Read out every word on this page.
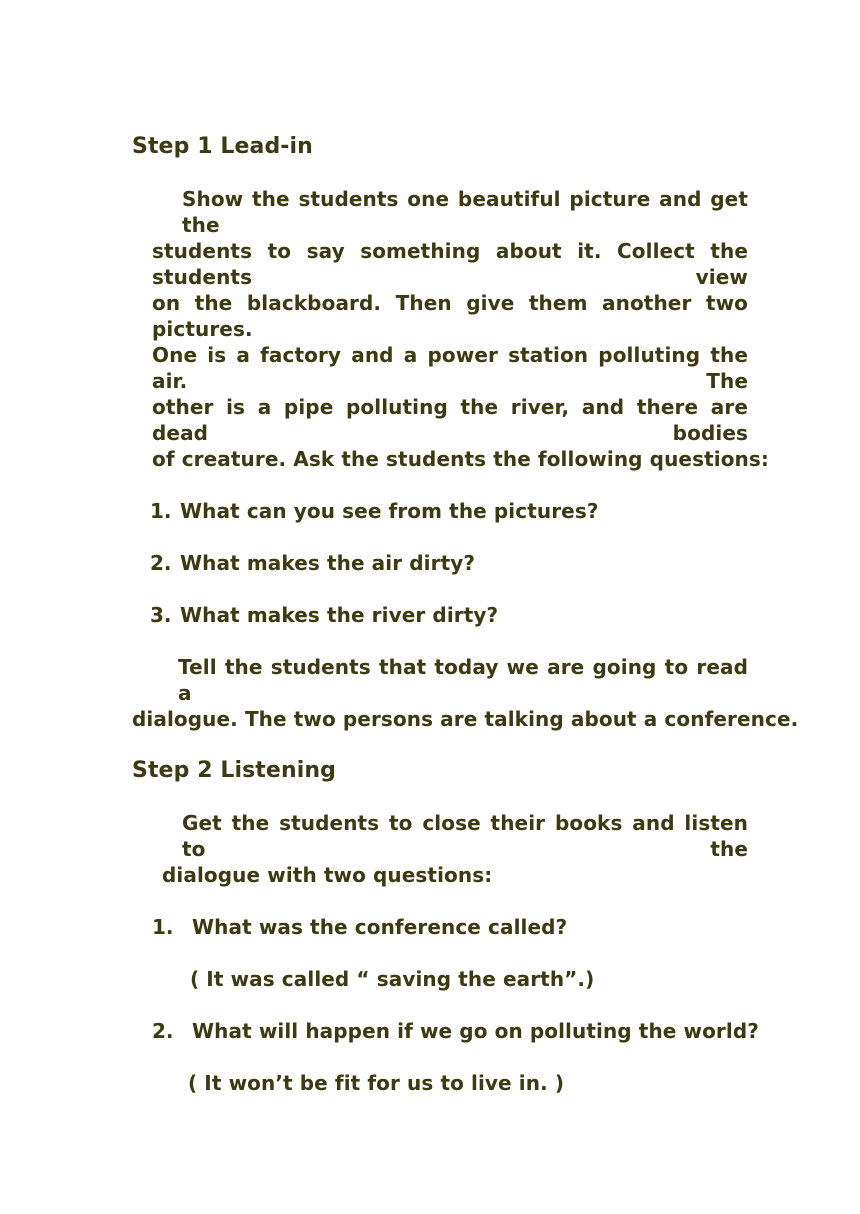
Step 1 Lead-in
Show the students one beautiful picture and get the
students to say something about it. Collect the students view
on the blackboard. Then give them another two pictures.
One is a factory and a power station polluting the air. The
other is a pipe polluting the river, and there are dead bodies
of creature. Ask the students the following questions:
1. What can you see from the pictures?
2. What makes the air dirty?
3. What makes the river dirty?
Tell the students that today we are going to read a
dialogue. The two persons are talking about a conference.
Step 2 Listening
Get the students to close their books and listen to the
dialogue with two questions:
1. What was the conference called?
( It was called “ saving the earth”.)
2. What will happen if we go on polluting the world?
( It won’t be fit for us to live in. )
